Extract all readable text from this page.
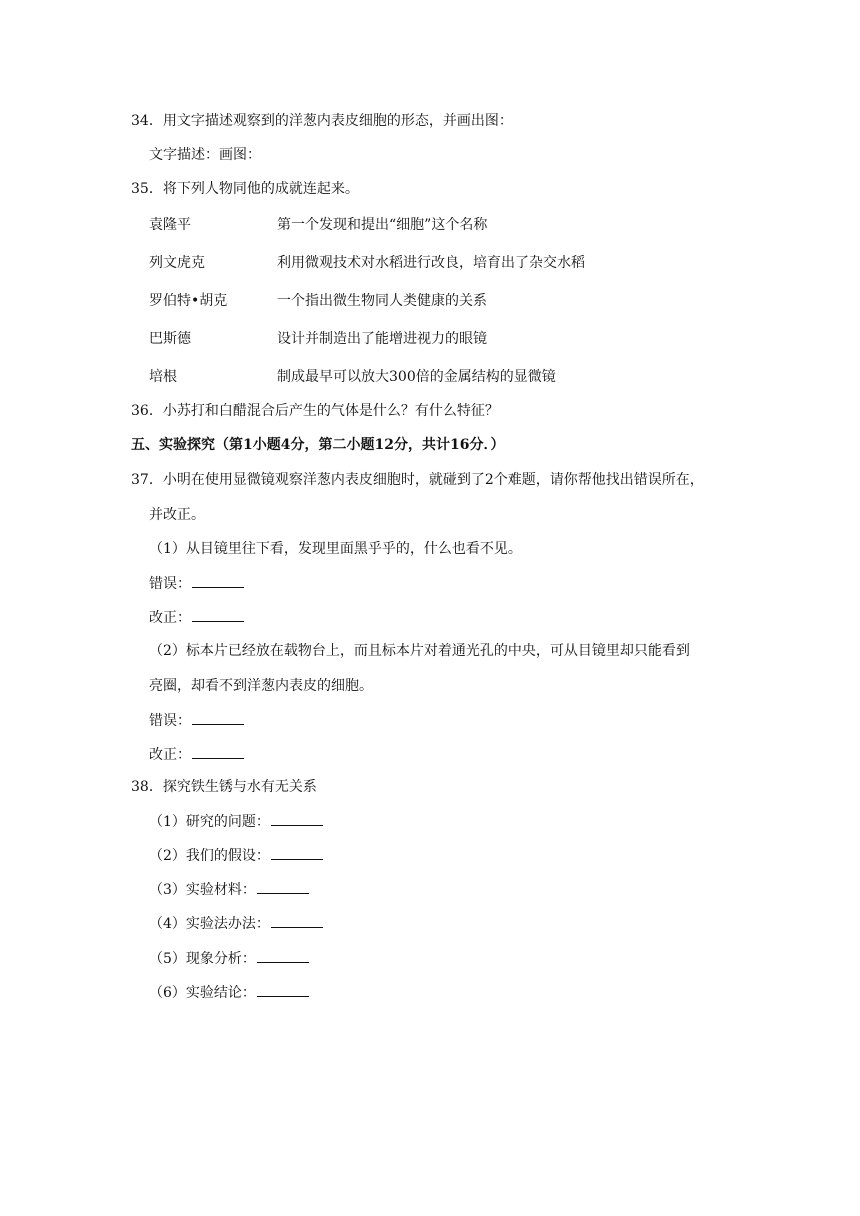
34．用文字描述观察到的洋葱内表皮细胞的形态，并画出图：
文字描述：画图：
35．将下列人物同他的成就连起来。
袁隆平	第一个发现和提出“细胞”这个名称
列文虎克	利用微观技术对水稻进行改良，培育出了杂交水稻
罗伯特•胡克	一个指出微生物同人类健康的关系
巴斯德	设计并制造出了能增进视力的眼镜
培根	制成最早可以放大300倍的金属结构的显微镜
36．小苏打和白醋混合后产生的气体是什么？有什么特征？
五、实验探究（第1小题4分，第二小题12分，共计16分．）
37．小明在使用显微镜观察洋葱内表皮细胞时，就碰到了2个难题，请你帮他找出错误所在，
并改正。
（1）从目镜里往下看，发现里面黑乎乎的，什么也看不见。
错误：
改正：
（2）标本片已经放在载物台上，而且标本片对着通光孔的中央，可从目镜里却只能看到
亮圈，却看不到洋葱内表皮的细胞。
错误：
改正：
38．探究铁生锈与水有无关系
（1）研究的问题：
（2）我们的假设：
（3）实验材料：
（4）实验法办法：
（5）现象分析：
（6）实验结论：
